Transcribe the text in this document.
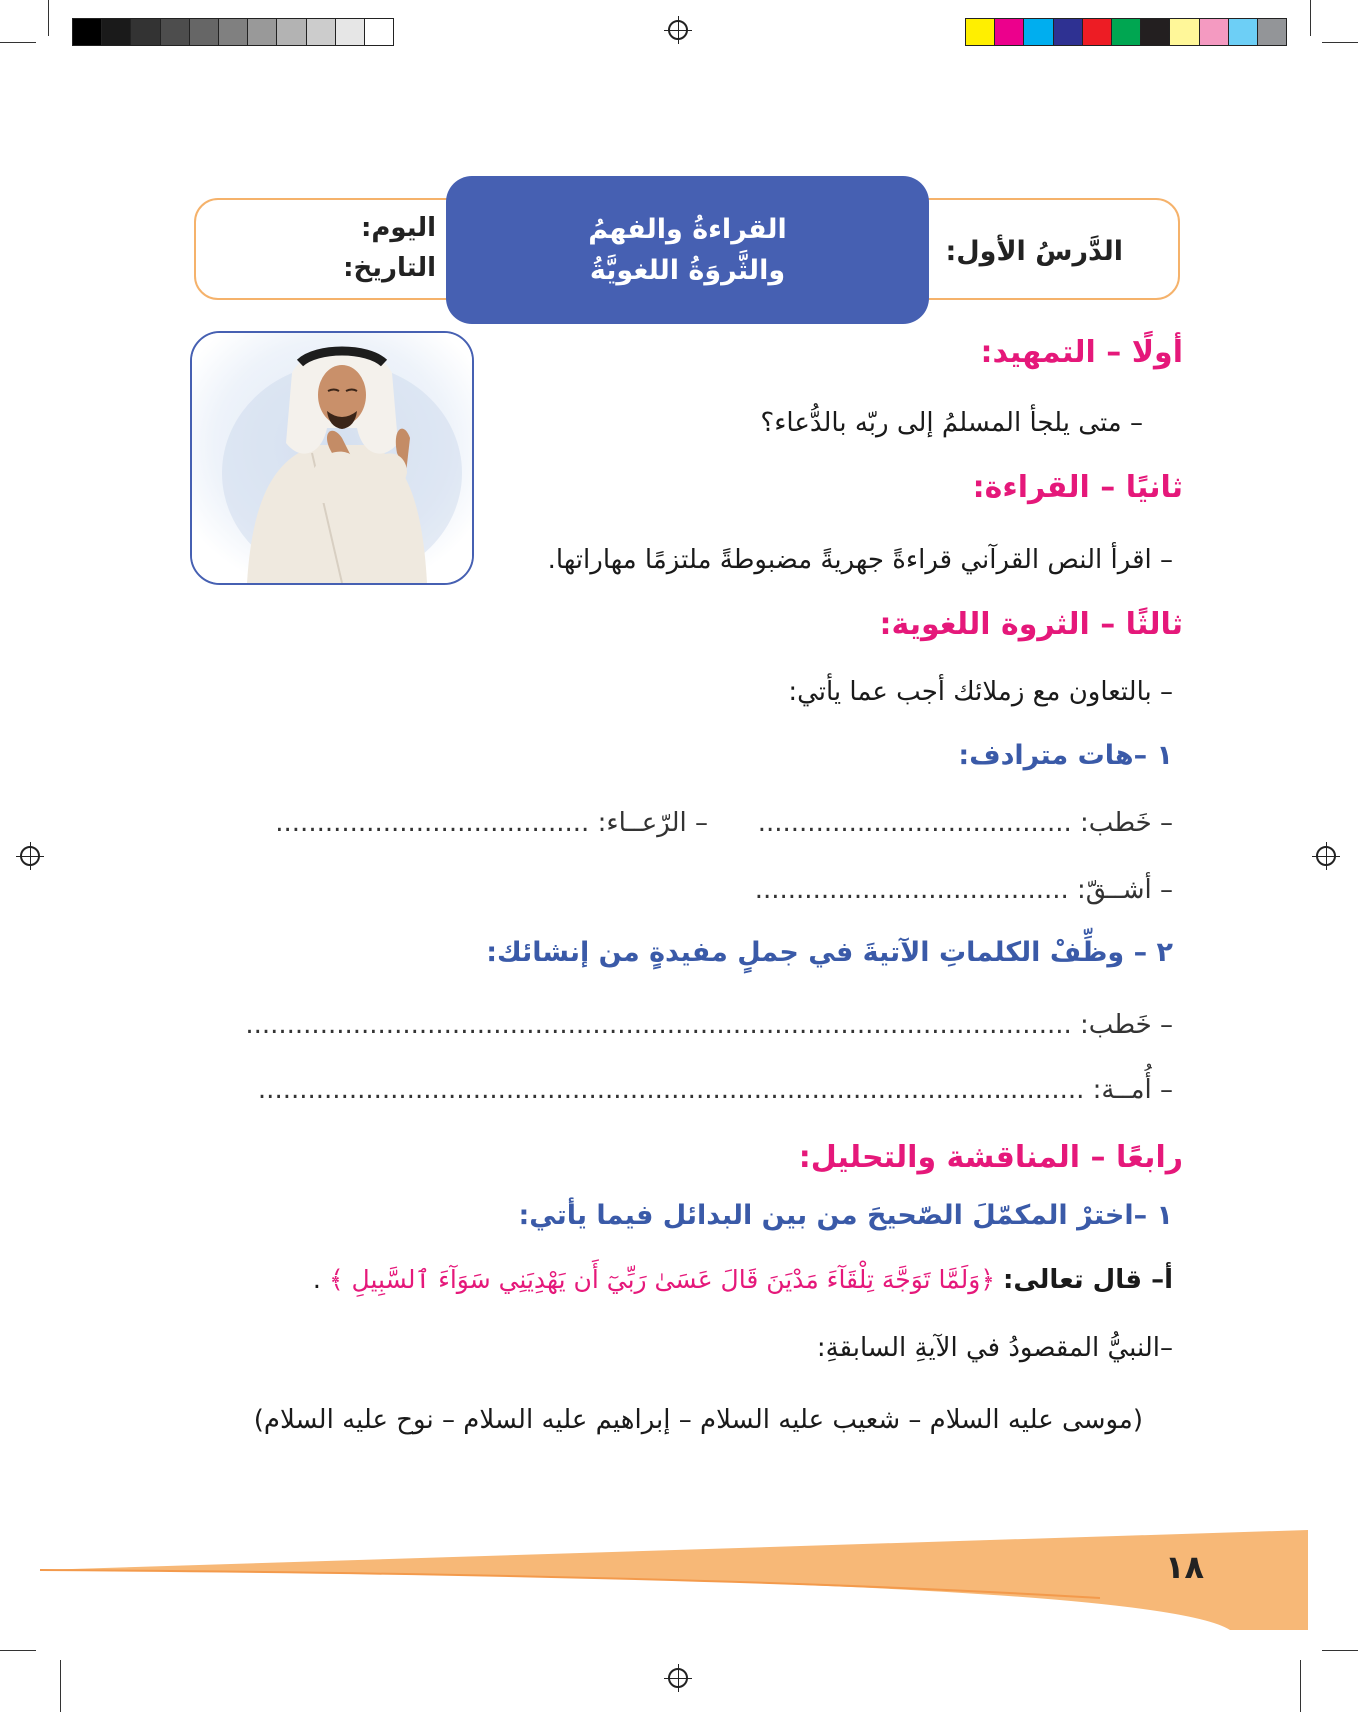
الدَّرسُ الأول:
اليوم:
التاريخ:
القراءةُ والفهمُ
والثَّروَةُ اللغويَّةُ
أولًا – التمهيد:
– متى يلجأ المسلمُ إلى ربّه بالدُّعاء؟
ثانيًا – القراءة:
– اقرأ النص القرآني قراءةً جهريةً مضبوطةً ملتزمًا مهاراتها.
ثالثًا – الثروة اللغوية:
– بالتعاون مع زملائك أجب عما يأتي:
١ –هات مترادف:
– خَطب: ......................................
– الرّعــاء: ......................................
– أشــقّ: ......................................
٢ – وظِّفْ الكلماتِ الآتيةَ في جملٍ مفيدةٍ من إنشائك:
– خَطب: ....................................................................................................
– أُمــة: ....................................................................................................
رابعًا – المناقشة والتحليل:
١ –اخترْ المكمّلَ الصّحيحَ من بين البدائل فيما يأتي:
أ– قال تعالى:
﴿وَلَمَّا تَوَجَّهَ تِلْقَآءَ مَدْيَنَ قَالَ عَسَىٰ رَبِّيٓ أَن يَهْدِيَنِي سَوَآءَ ٱلسَّبِيلِ ﴾
.
–النبيُّ المقصودُ في الآيةِ السابقةِ:
(موسى عليه السلام – شعيب عليه السلام – إبراهيم عليه السلام – نوح عليه السلام)
١٨
